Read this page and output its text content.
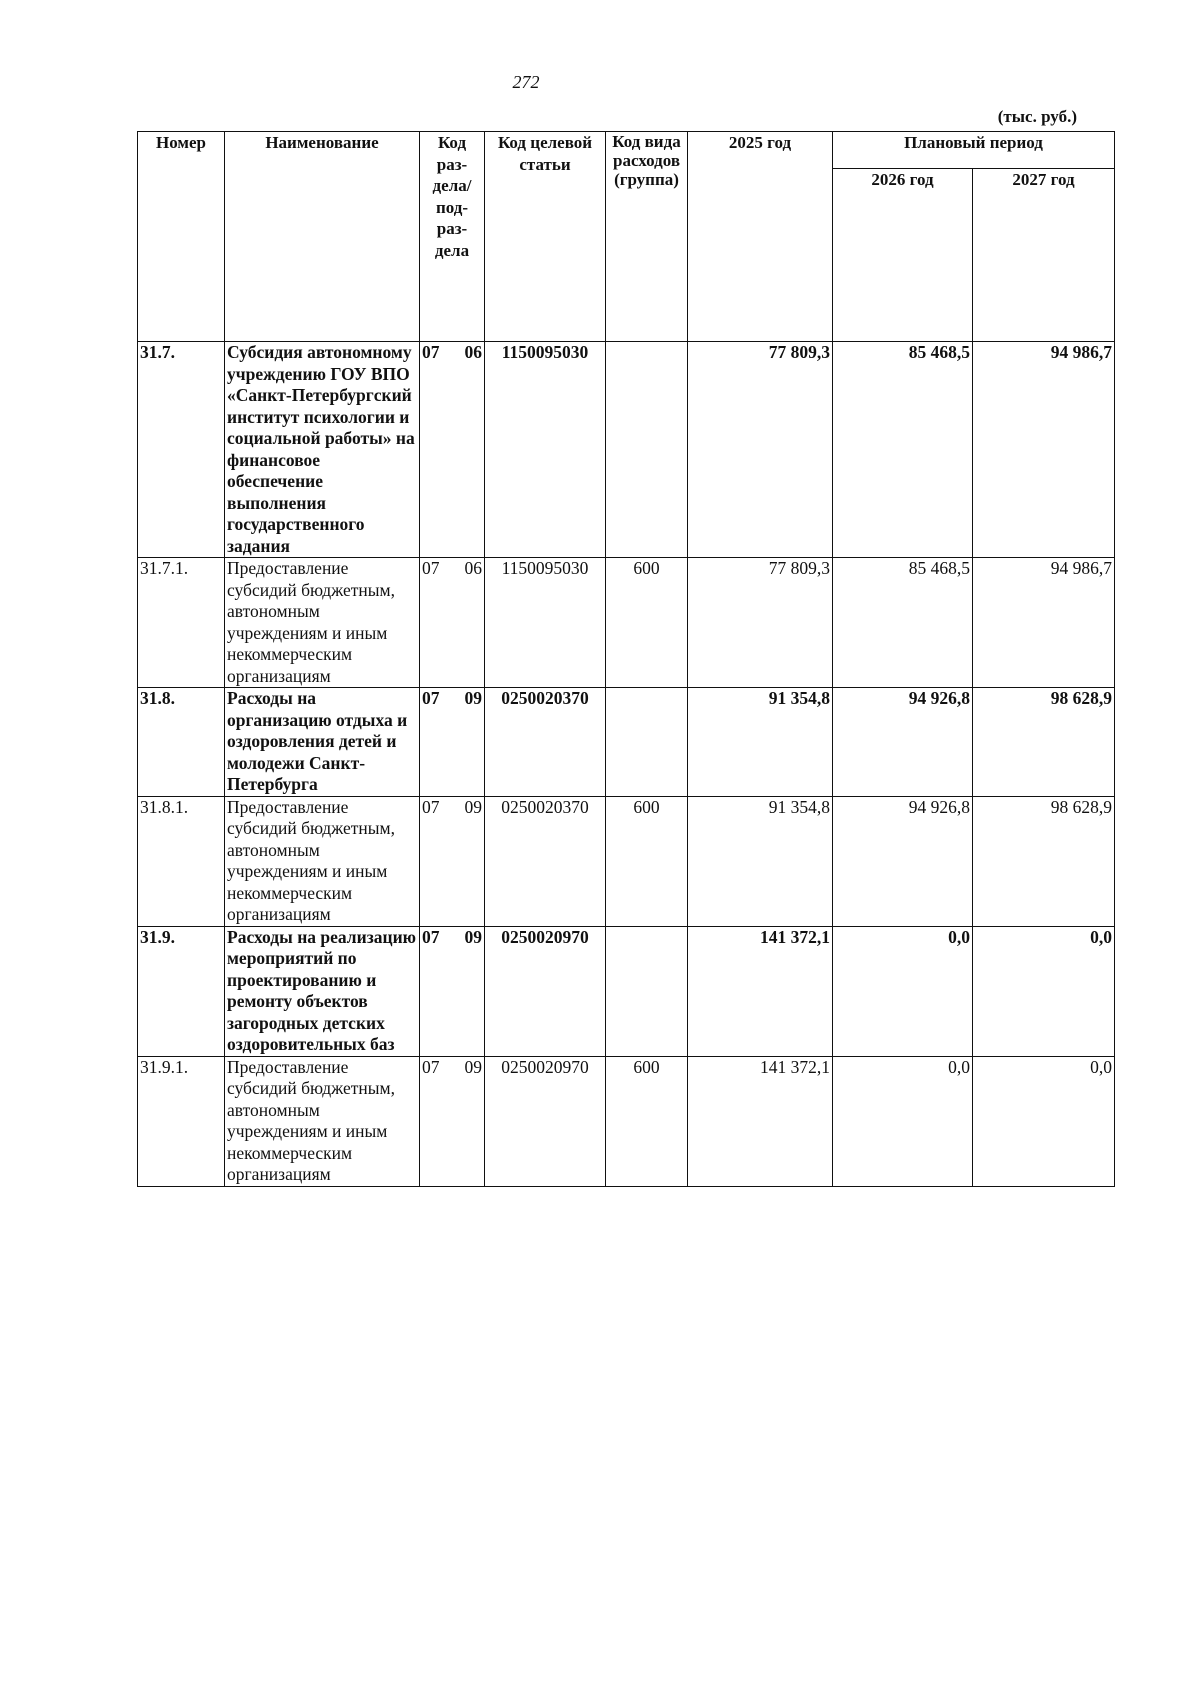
272
(тыс. руб.)
Номер	Наименование	Код раз- дела/ под- раз- дела	Код целевой статьи	Код вида расходов (группа)	2025 год	Плановый период	
						2026 год	2027 год
31.7.	Субсидия автономному учреждению ГОУ ВПО «Санкт-Петербургский институт психологии и социальной работы» на финансовое обеспечение выполнения государственного задания	07 06	1150095030		77 809,3	85 468,5	94 986,7
31.7.1.	Предоставление субсидий бюджетным, автономным учреждениям и иным некоммерческим организациям	07 06	1150095030	600	77 809,3	85 468,5	94 986,7
31.8.	Расходы на организацию отдыха и оздоровления детей и молодежи Санкт-Петербурга	07 09	0250020370		91 354,8	94 926,8	98 628,9
31.8.1.	Предоставление субсидий бюджетным, автономным учреждениям и иным некоммерческим организациям	07 09	0250020370	600	91 354,8	94 926,8	98 628,9
31.9.	Расходы на реализацию мероприятий по проектированию и ремонту объектов загородных детских оздоровительных баз	07 09	0250020970		141 372,1	0,0	0,0
31.9.1.	Предоставление субсидий бюджетным, автономным учреждениям и иным некоммерческим организациям	07 09	0250020970	600	141 372,1	0,0	0,0
